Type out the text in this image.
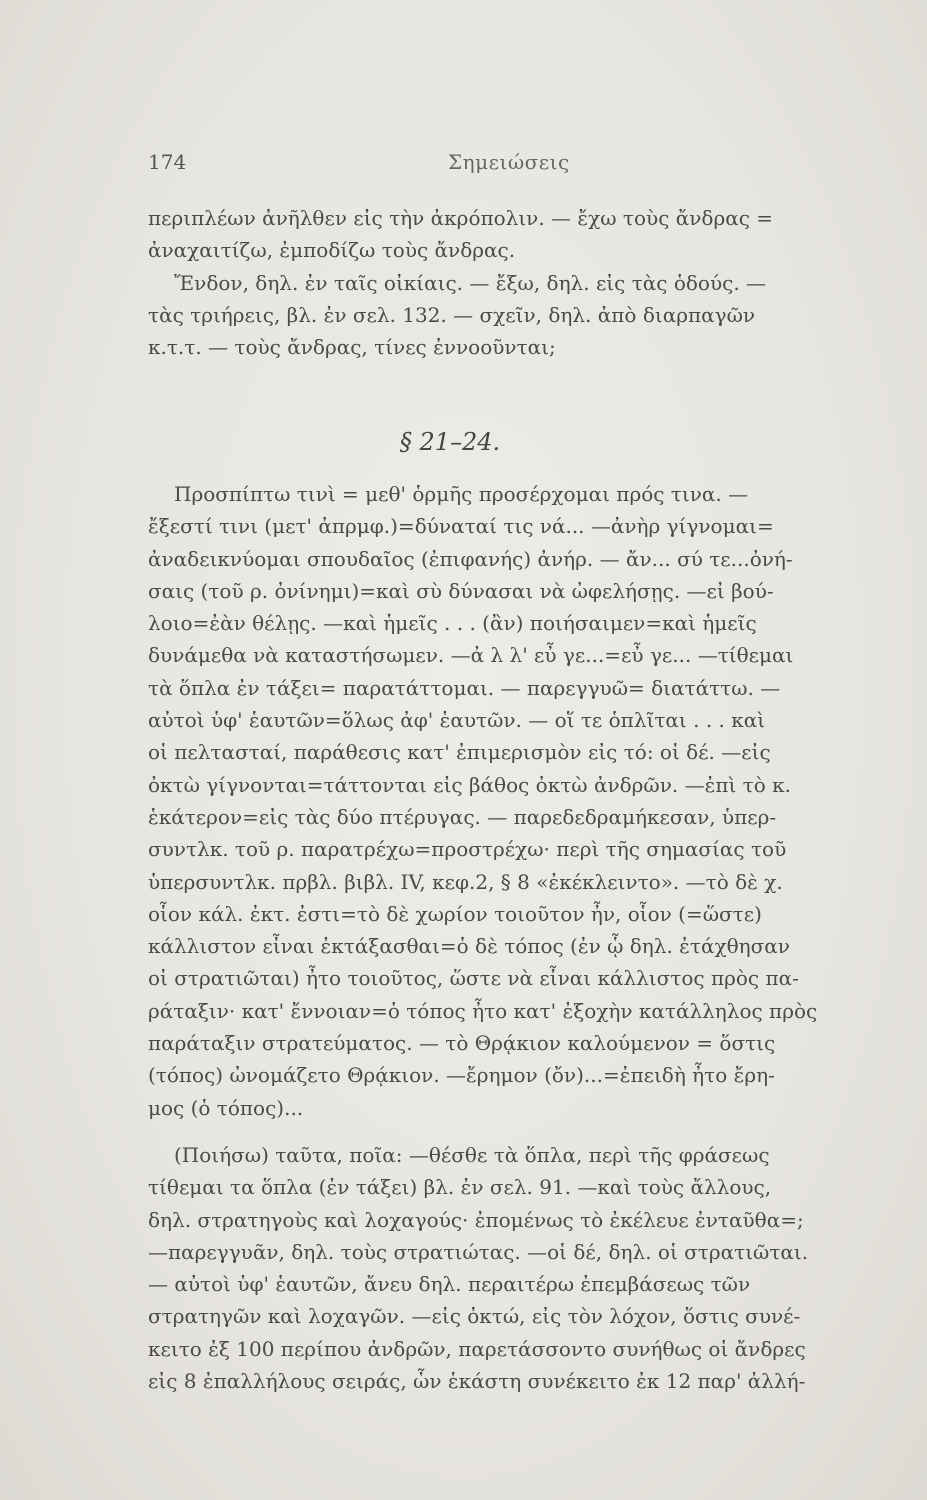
174	Σημειώσεις
περιπλέων ἀνῆλθεν εἰς τὴν ἀκρόπολιν. — ἔχω τοὺς ἄνδρας =
ἀναχαιτίζω, ἐμποδίζω τοὺς ἄνδρας.
Ἔνδον, δηλ. ἐν ταῖς οἰκίαις. — ἔξω, δηλ. εἰς τὰς ὁδούς. —
τὰς τριήρεις, βλ. ἐν σελ. 132. — σχεῖν, δηλ. ἀπὸ διαρπαγῶν
κ.τ.τ. — τοὺς ἄνδρας, τίνες ἐννοοῦνται;
§ 21–24.
Προσπίπτω τινὶ = μεθ' ὁρμῆς προσέρχομαι πρός τινα. —
ἔξεστί τινι (μετ' ἀπρμφ.)=δύναταί τις νά... —ἀνὴρ γίγνομαι=
ἀναδεικνύομαι σπουδαῖος (ἐπιφανής) ἀνήρ. — ἄν... σύ τε...ὀνή-
σαις (τοῦ ρ. ὀνίνημι)=καὶ σὺ δύνασαι νὰ ὠφελήσῃς. —εἰ βού-
λοιο=ἐὰν θέλῃς. —καὶ ἡμεῖς . . . (ἂν) ποιήσαιμεν=καὶ ἡμεῖς
δυνάμεθα νὰ καταστήσωμεν. —ἀ λ λ' εὖ γε...=εὖ γε... —τίθεμαι
τὰ ὅπλα ἐν τάξει= παρατάττομαι. — παρεγγυῶ= διατάττω. —
αὐτοὶ ὑφ' ἑαυτῶν=ὅλως ἀφ' ἑαυτῶν. — οἵ τε ὁπλῖται . . . καὶ
οἱ πελτασταί, παράθεσις κατ' ἐπιμερισμὸν εἰς τό: οἱ δέ. —εἰς
ὀκτὼ γίγνονται=τάττονται εἰς βάθος ὀκτὼ ἀνδρῶν. —ἐπὶ τὸ κ.
ἑκάτερον=εἰς τὰς δύο πτέρυγας. — παρεδεδραμήκεσαν, ὑπερ-
συντλκ. τοῦ ρ. παρατρέχω=προστρέχω· περὶ τῆς σημασίας τοῦ
ὑπερσυντλκ. πρβλ. βιβλ. IV, κεφ.2, § 8 «ἐκέκλειντο». —τὸ δὲ χ.
οἷον κάλ. ἐκτ. ἐστι=τὸ δὲ χωρίον τοιοῦτον ἦν, οἷον (=ὥστε)
κάλλιστον εἶναι ἐκτάξασθαι=ὁ δὲ τόπος (ἐν ᾧ δηλ. ἐτάχθησαν
οἱ στρατιῶται) ἦτο τοιοῦτος, ὥστε νὰ εἶναι κάλλιστος πρὸς πα-
ράταξιν· κατ' ἔννοιαν=ὁ τόπος ἦτο κατ' ἐξοχὴν κατάλληλος πρὸς
παράταξιν στρατεύματος. — τὸ Θρᾴκιον καλούμενον = ὅστις
(τόπος) ὠνομάζετο Θρᾴκιον. —ἔρημον (ὄν)...=ἐπειδὴ ἦτο ἔρη-
μος (ὁ τόπος)...
(Ποιήσω) ταῦτα, ποῖα: —θέσθε τὰ ὅπλα, περὶ τῆς φράσεως
τίθεμαι τα ὅπλα (ἐν τάξει) βλ. ἐν σελ. 91. —καὶ τοὺς ἄλλους,
δηλ. στρατηγοὺς καὶ λοχαγούς· ἐπομένως τὸ ἐκέλευε ἐνταῦθα=;
—παρεγγυᾶν, δηλ. τοὺς στρατιώτας. —οἱ δέ, δηλ. οἱ στρατιῶται.
— αὐτοὶ ὑφ' ἑαυτῶν, ἄνευ δηλ. περαιτέρω ἐπεμβάσεως τῶν
στρατηγῶν καὶ λοχαγῶν. —εἰς ὀκτώ, εἰς τὸν λόχον, ὅστις συνέ-
κειτο ἐξ 100 περίπου ἀνδρῶν, παρετάσσοντο συνήθως οἱ ἄνδρες
εἰς 8 ἐπαλλήλους σειράς, ὧν ἑκάστη συνέκειτο ἐκ 12 παρ' ἀλλή-
